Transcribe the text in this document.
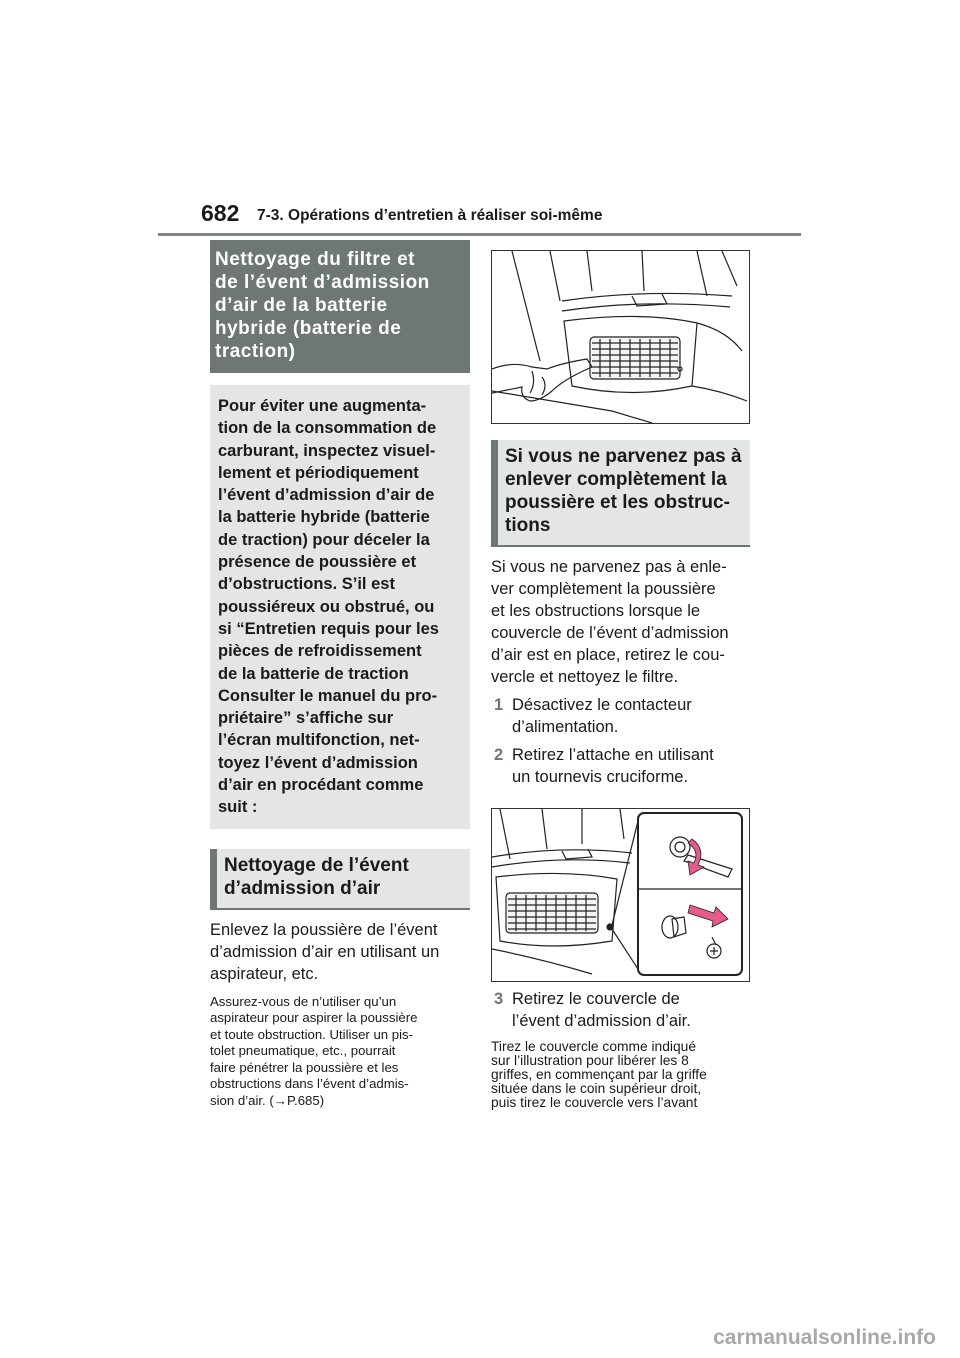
682 7-3. Opérations d’entretien à réaliser soi-même
Nettoyage du filtre et
de l’évent d’admission
d’air de la batterie
hybride (batterie de
traction)
Pour éviter une augmenta-
tion de la consommation de
carburant, inspectez visuel-
lement et périodiquement
l’évent d’admission d’air de
la batterie hybride (batterie
de traction) pour déceler la
présence de poussière et
d’obstructions. S’il est
poussiéreux ou obstrué, ou
si “Entretien requis pour les
pièces de refroidissement
de la batterie de traction
Consulter le manuel du pro-
priétaire” s’affiche sur
l’écran multifonction, net-
toyez l’évent d’admission
d’air en procédant comme
suit :
Nettoyage de l’évent
d’admission d’air
Enlevez la poussière de l’évent
d’admission d’air en utilisant un
aspirateur, etc.
Assurez-vous de n’utiliser qu’un
aspirateur pour aspirer la poussière
et toute obstruction. Utiliser un pis-
tolet pneumatique, etc., pourrait
faire pénétrer la poussière et les
obstructions dans l’évent d’admis-
sion d’air. (→P.685)
Si vous ne parvenez pas à
enlever complètement la
poussière et les obstruc-
tions
Si vous ne parvenez pas à enle-
ver complètement la poussière
et les obstructions lorsque le
couvercle de l’évent d’admission
d’air est en place, retirez le cou-
vercle et nettoyez le filtre.
1 Désactivez le contacteur
d’alimentation.
2 Retirez l’attache en utilisant
un tournevis cruciforme.
3 Retirez le couvercle de
l’évent d’admission d’air.
Tirez le couvercle comme indiqué
sur l’illustration pour libérer les 8
griffes, en commençant par la griffe
située dans le coin supérieur droit,
puis tirez le couvercle vers l’avant
carmanualsonline.info
